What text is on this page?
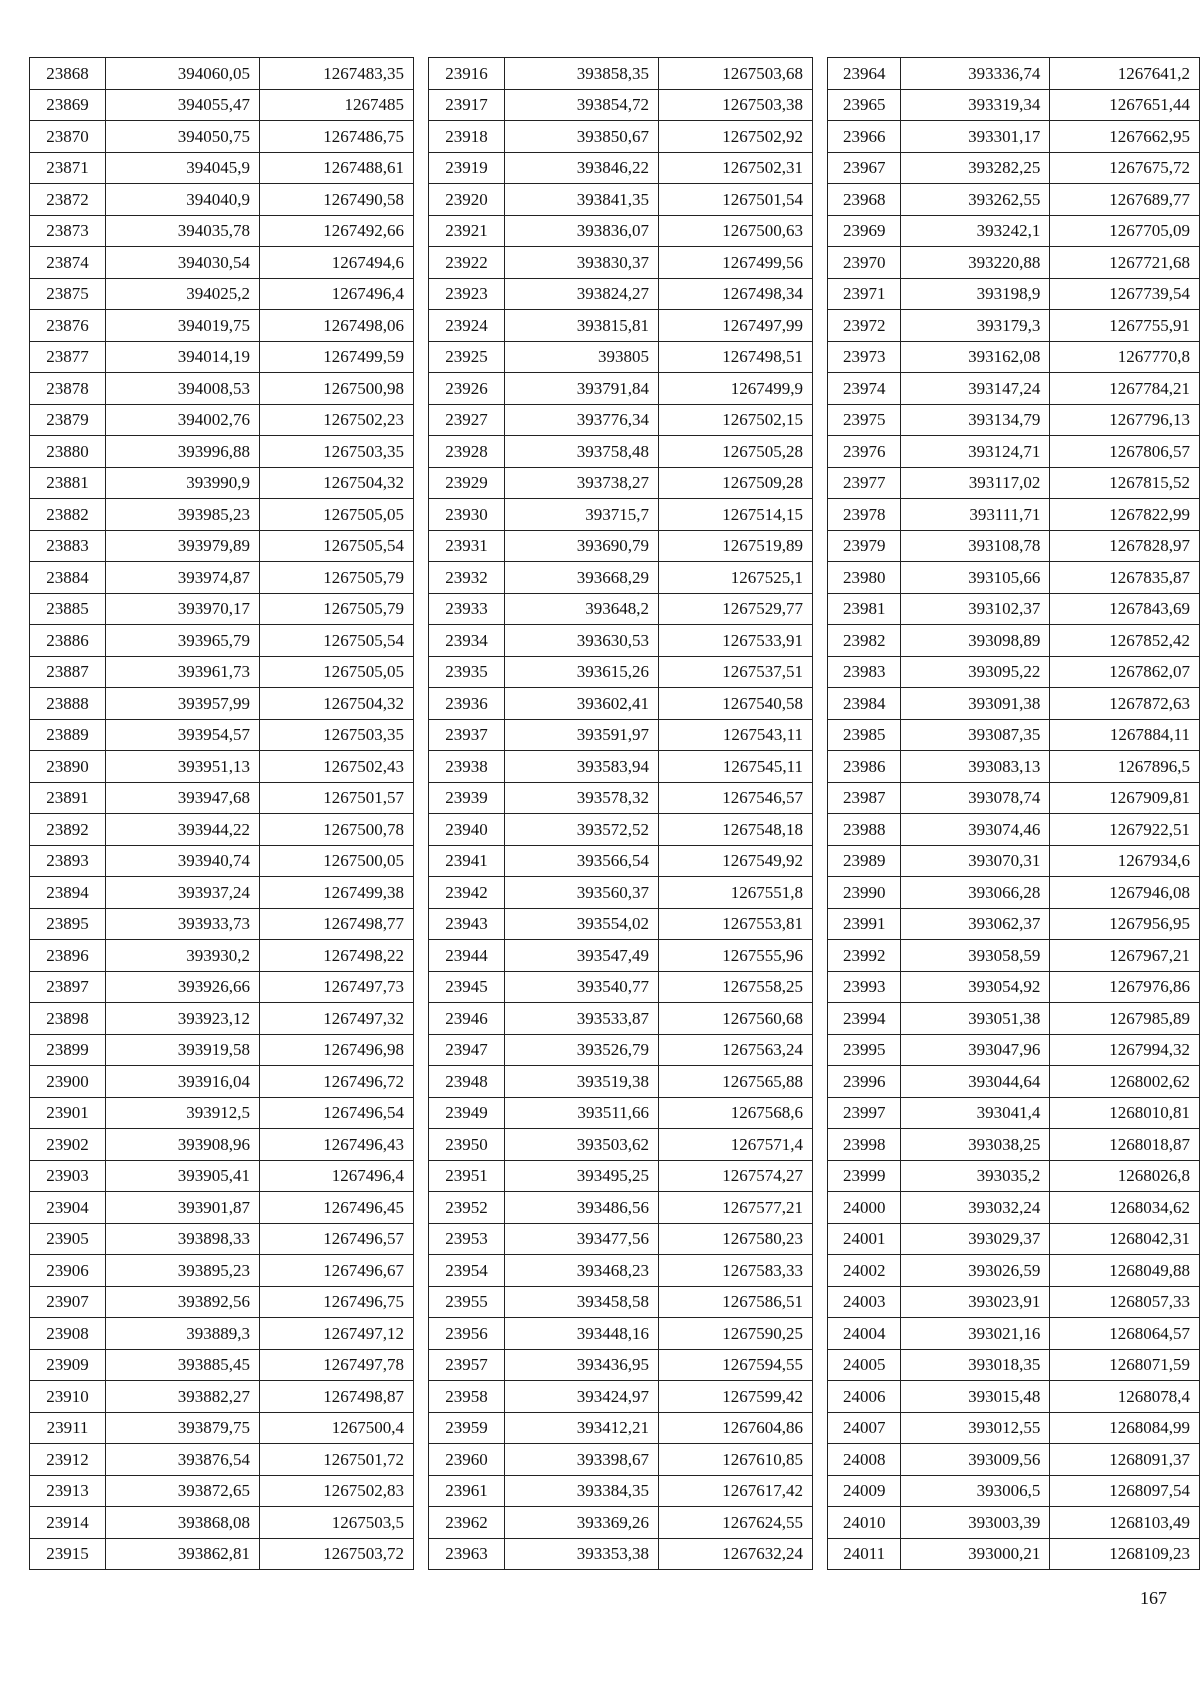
23868	394060,05	1267483,35
23869	394055,47	1267485
23870	394050,75	1267486,75
23871	394045,9	1267488,61
23872	394040,9	1267490,58
23873	394035,78	1267492,66
23874	394030,54	1267494,6
23875	394025,2	1267496,4
23876	394019,75	1267498,06
23877	394014,19	1267499,59
23878	394008,53	1267500,98
23879	394002,76	1267502,23
23880	393996,88	1267503,35
23881	393990,9	1267504,32
23882	393985,23	1267505,05
23883	393979,89	1267505,54
23884	393974,87	1267505,79
23885	393970,17	1267505,79
23886	393965,79	1267505,54
23887	393961,73	1267505,05
23888	393957,99	1267504,32
23889	393954,57	1267503,35
23890	393951,13	1267502,43
23891	393947,68	1267501,57
23892	393944,22	1267500,78
23893	393940,74	1267500,05
23894	393937,24	1267499,38
23895	393933,73	1267498,77
23896	393930,2	1267498,22
23897	393926,66	1267497,73
23898	393923,12	1267497,32
23899	393919,58	1267496,98
23900	393916,04	1267496,72
23901	393912,5	1267496,54
23902	393908,96	1267496,43
23903	393905,41	1267496,4
23904	393901,87	1267496,45
23905	393898,33	1267496,57
23906	393895,23	1267496,67
23907	393892,56	1267496,75
23908	393889,3	1267497,12
23909	393885,45	1267497,78
23910	393882,27	1267498,87
23911	393879,75	1267500,4
23912	393876,54	1267501,72
23913	393872,65	1267502,83
23914	393868,08	1267503,5
23915	393862,81	1267503,72
23916	393858,35	1267503,68
23917	393854,72	1267503,38
23918	393850,67	1267502,92
23919	393846,22	1267502,31
23920	393841,35	1267501,54
23921	393836,07	1267500,63
23922	393830,37	1267499,56
23923	393824,27	1267498,34
23924	393815,81	1267497,99
23925	393805	1267498,51
23926	393791,84	1267499,9
23927	393776,34	1267502,15
23928	393758,48	1267505,28
23929	393738,27	1267509,28
23930	393715,7	1267514,15
23931	393690,79	1267519,89
23932	393668,29	1267525,1
23933	393648,2	1267529,77
23934	393630,53	1267533,91
23935	393615,26	1267537,51
23936	393602,41	1267540,58
23937	393591,97	1267543,11
23938	393583,94	1267545,11
23939	393578,32	1267546,57
23940	393572,52	1267548,18
23941	393566,54	1267549,92
23942	393560,37	1267551,8
23943	393554,02	1267553,81
23944	393547,49	1267555,96
23945	393540,77	1267558,25
23946	393533,87	1267560,68
23947	393526,79	1267563,24
23948	393519,38	1267565,88
23949	393511,66	1267568,6
23950	393503,62	1267571,4
23951	393495,25	1267574,27
23952	393486,56	1267577,21
23953	393477,56	1267580,23
23954	393468,23	1267583,33
23955	393458,58	1267586,51
23956	393448,16	1267590,25
23957	393436,95	1267594,55
23958	393424,97	1267599,42
23959	393412,21	1267604,86
23960	393398,67	1267610,85
23961	393384,35	1267617,42
23962	393369,26	1267624,55
23963	393353,38	1267632,24
23964	393336,74	1267641,2
23965	393319,34	1267651,44
23966	393301,17	1267662,95
23967	393282,25	1267675,72
23968	393262,55	1267689,77
23969	393242,1	1267705,09
23970	393220,88	1267721,68
23971	393198,9	1267739,54
23972	393179,3	1267755,91
23973	393162,08	1267770,8
23974	393147,24	1267784,21
23975	393134,79	1267796,13
23976	393124,71	1267806,57
23977	393117,02	1267815,52
23978	393111,71	1267822,99
23979	393108,78	1267828,97
23980	393105,66	1267835,87
23981	393102,37	1267843,69
23982	393098,89	1267852,42
23983	393095,22	1267862,07
23984	393091,38	1267872,63
23985	393087,35	1267884,11
23986	393083,13	1267896,5
23987	393078,74	1267909,81
23988	393074,46	1267922,51
23989	393070,31	1267934,6
23990	393066,28	1267946,08
23991	393062,37	1267956,95
23992	393058,59	1267967,21
23993	393054,92	1267976,86
23994	393051,38	1267985,89
23995	393047,96	1267994,32
23996	393044,64	1268002,62
23997	393041,4	1268010,81
23998	393038,25	1268018,87
23999	393035,2	1268026,8
24000	393032,24	1268034,62
24001	393029,37	1268042,31
24002	393026,59	1268049,88
24003	393023,91	1268057,33
24004	393021,16	1268064,57
24005	393018,35	1268071,59
24006	393015,48	1268078,4
24007	393012,55	1268084,99
24008	393009,56	1268091,37
24009	393006,5	1268097,54
24010	393003,39	1268103,49
24011	393000,21	1268109,23
167
